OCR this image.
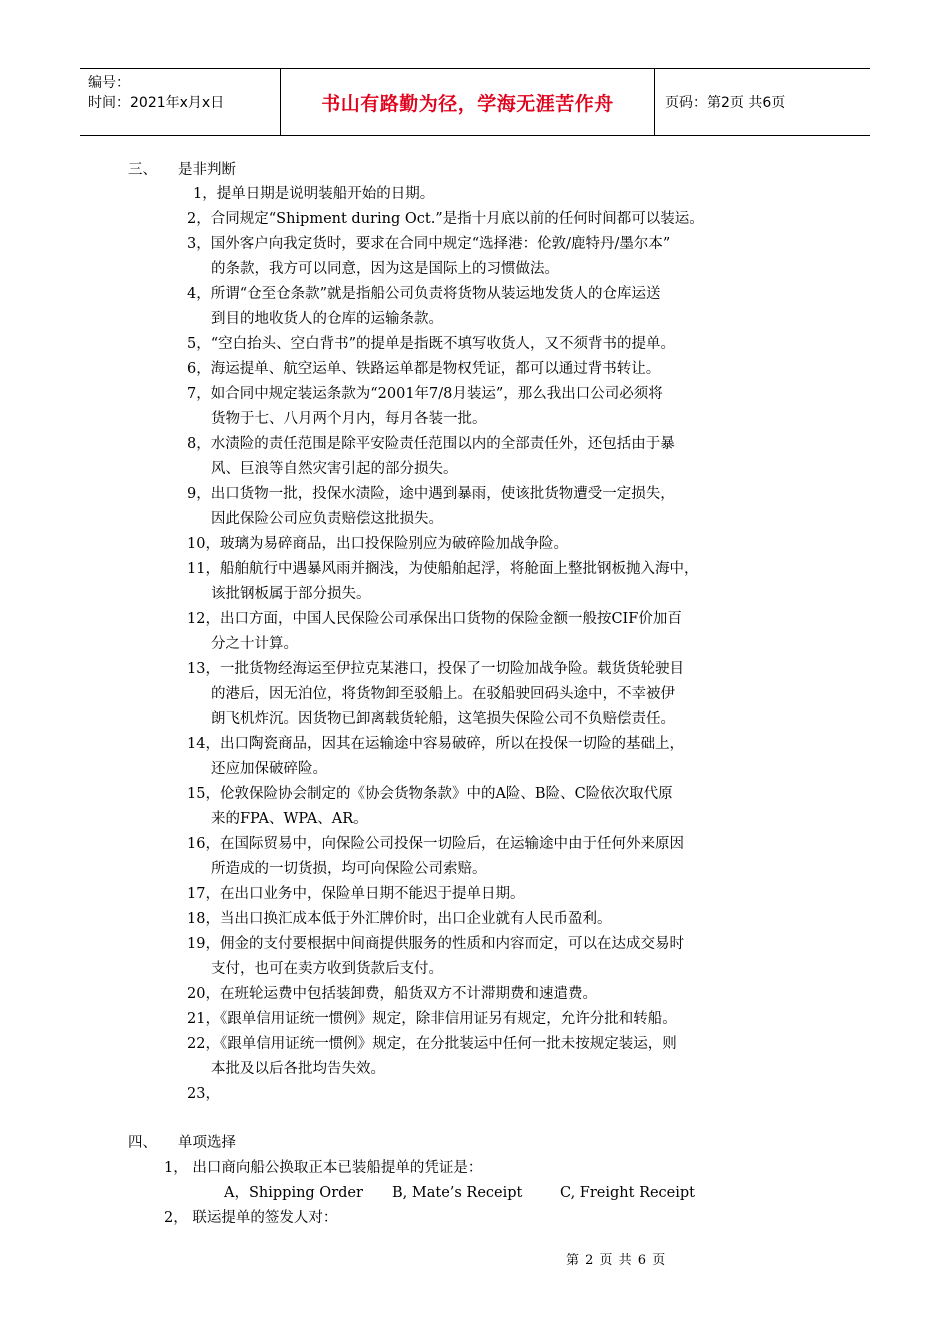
编号：
时间：2021年x月x日	书山有路勤为径，学海无涯苦作舟	页码：第2页 共6页
三、 是非判断
1，提单日期是说明装船开始的日期。
2，合同规定“Shipment during Oct.”是指十月底以前的任何时间都可以装运。
3，国外客户向我定货时，要求在合同中规定“选择港：伦敦/鹿特丹/墨尔本”
的条款，我方可以同意，因为这是国际上的习惯做法。
4，所谓“仓至仓条款”就是指船公司负责将货物从装运地发货人的仓库运送
到目的地收货人的仓库的运输条款。
5，“空白抬头、空白背书”的提单是指既不填写收货人，又不须背书的提单。
6，海运提单、航空运单、铁路运单都是物权凭证，都可以通过背书转让。
7，如合同中规定装运条款为“2001年7/8月装运”，那么我出口公司必须将
货物于七、八月两个月内，每月各装一批。
8，水渍险的责任范围是除平安险责任范围以内的全部责任外，还包括由于暴
风、巨浪等自然灾害引起的部分损失。
9，出口货物一批，投保水渍险，途中遇到暴雨，使该批货物遭受一定损失，
因此保险公司应负责赔偿这批损失。
10，玻璃为易碎商品，出口投保险别应为破碎险加战争险。
11，船舶航行中遇暴风雨并搁浅，为使船舶起浮，将舱面上整批钢板抛入海中，
该批钢板属于部分损失。
12，出口方面，中国人民保险公司承保出口货物的保险金额一般按CIF价加百
分之十计算。
13，一批货物经海运至伊拉克某港口，投保了一切险加战争险。载货货轮驶目
的港后，因无泊位，将货物卸至驳船上。在驳船驶回码头途中，不幸被伊
朗飞机炸沉。因货物已卸离载货轮船，这笔损失保险公司不负赔偿责任。
14，出口陶瓷商品，因其在运输途中容易破碎，所以在投保一切险的基础上，
还应加保破碎险。
15，伦敦保险协会制定的《协会货物条款》中的A险、B险、C险依次取代原
来的FPA、WPA、AR。
16，在国际贸易中，向保险公司投保一切险后，在运输途中由于任何外来原因
所造成的一切货损，均可向保险公司索赔。
17，在出口业务中，保险单日期不能迟于提单日期。
18，当出口换汇成本低于外汇牌价时，出口企业就有人民币盈利。
19，佣金的支付要根据中间商提供服务的性质和内容而定，可以在达成交易时
支付，也可在卖方收到货款后支付。
20，在班轮运费中包括装卸费，船货双方不计滞期费和速遣费。
21，《跟单信用证统一惯例》规定，除非信用证另有规定，允许分批和转船。
22，《跟单信用证统一惯例》规定，在分批装运中任何一批未按规定装运，则
本批及以后各批均告失效。
23，
四、 单项选择
1， 出口商向船公换取正本已装船提单的凭证是：
A，Shipping Order B, Mate’s Receipt	C, Freight Receipt
2， 联运提单的签发人对：
第 2 页 共 6 页
